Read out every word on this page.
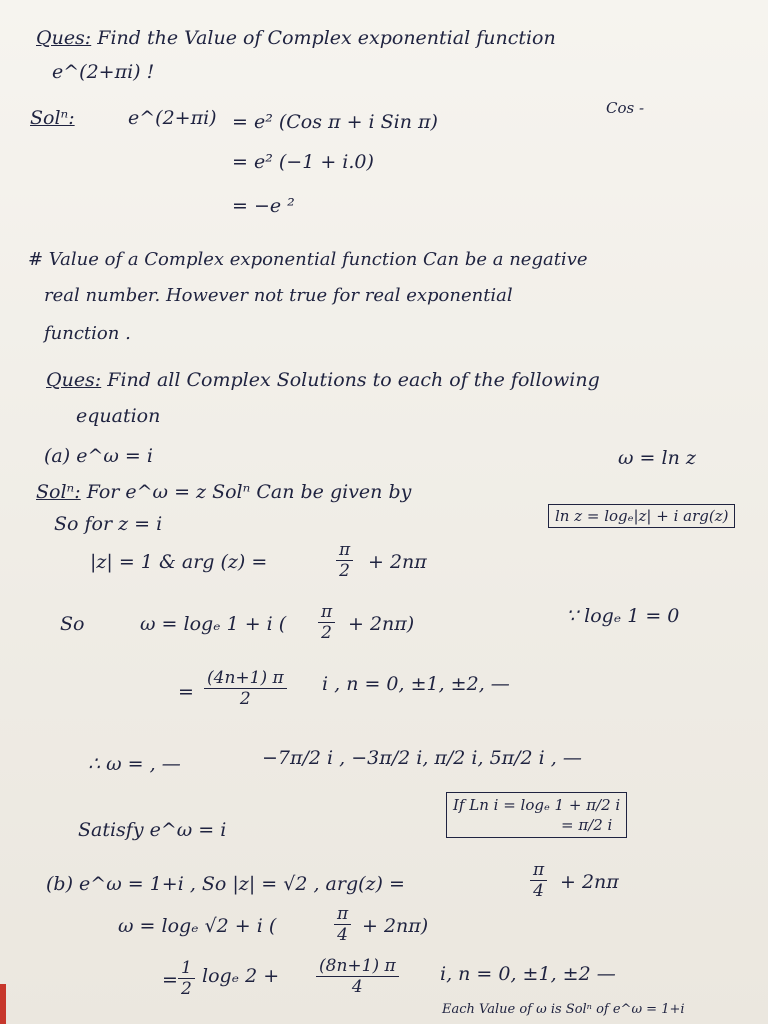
Ques: Find the Value of Complex exponential function
e^(2+πi) !
Solⁿ:	e^(2+πi) = e² (Cos π + i Sin π)
Cos -
= e² (−1 + i.0)
= −e ²
# Value of a Complex exponential function Can be a negative
real number. However not true for real exponential
function .
Ques: Find all Complex Solutions to each of the following
equation
(a) e^ω = i
Solⁿ: For e^ω = z Solⁿ Can be given by
ω = ln z
So for z = i	ln z = logₑ|z| + i arg(z)
|z| = 1 & arg (z) =	$\frac{\pi}{2} + 2n\pi$
So	ω = logₑ 1 + i ( $\frac{\pi}{2} + 2n\pi$)	∵ logₑ 1 = 0
= $\frac{(4n+1) \pi}{2}$ i , n = 0, ±1, ±2, —
∴ ω = , —	−7π/2 i , −3π/2 i, π/2 i, 5π/2 i , —
Satisfy e^ω = i
If Ln i = logₑ 1 + π/2 i
= π/2 i
(b) e^ω = 1+i , So |z| = √2 , arg(z) =	$\frac{\pi}{4} + 2n\pi$
ω = logₑ √2 + i (	$\frac{\pi}{4} + 2n\pi$)
= $\frac{1}{2}$ logₑ $2 + \frac{(8n+1) \pi}{4} i$, n = 0, ±1, ±2 —
Each Value of ω is Solⁿ of e^ω = 1+i
